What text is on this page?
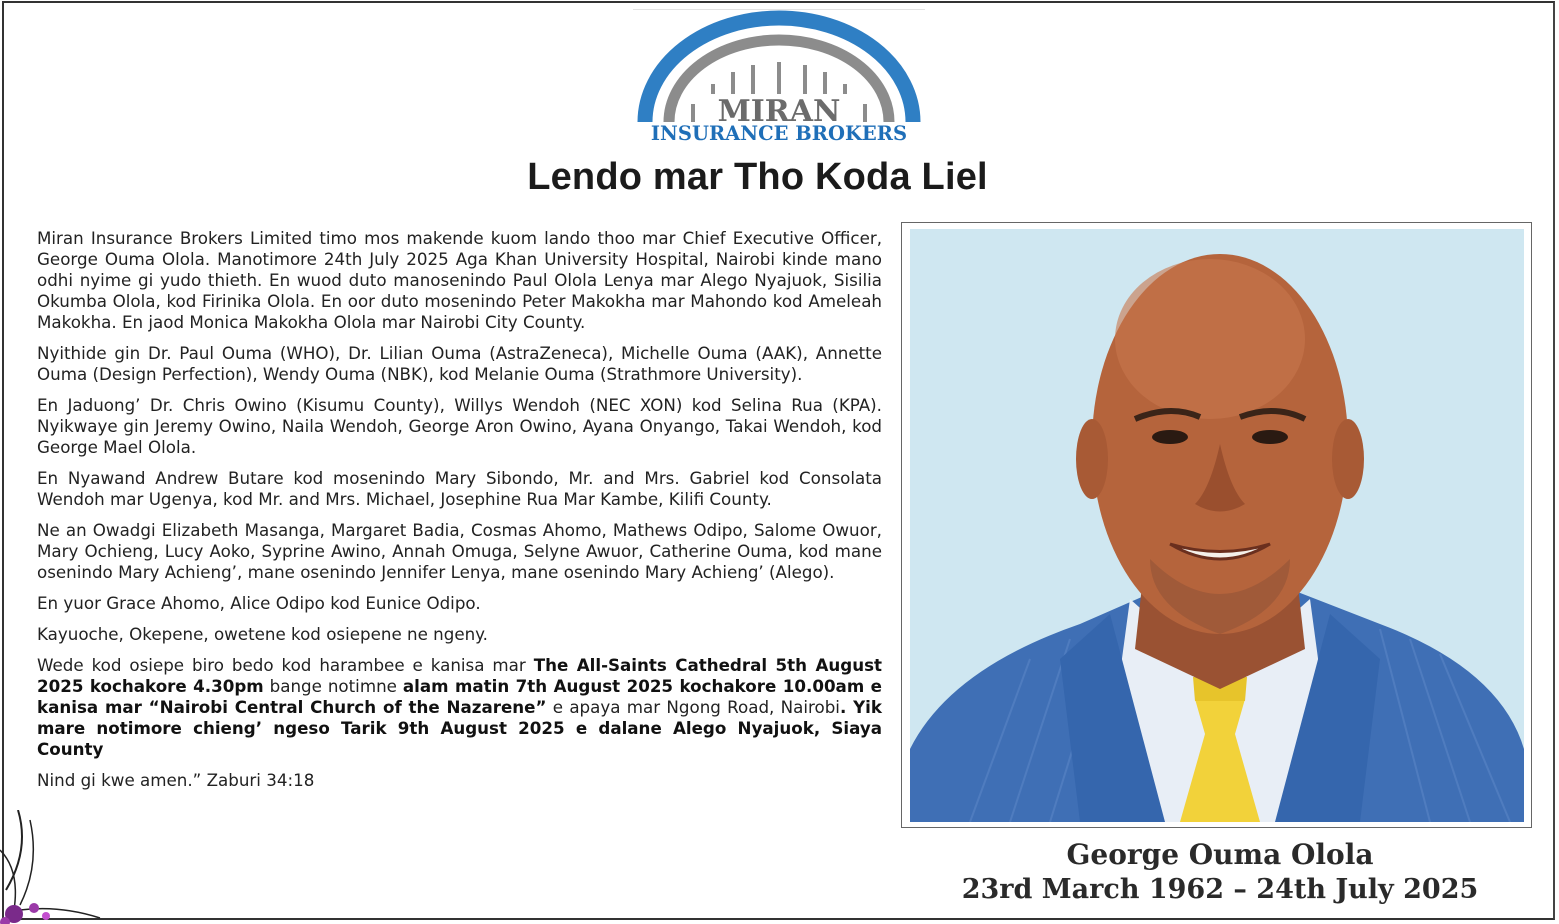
MIRAN
INSURANCE BROKERS
Lendo mar Tho Koda Liel

Miran Insurance Brokers Limited timo mos makende kuom lando thoo mar Chief Executive Officer, George Ouma Olola. Manotimore 24th July 2025 Aga Khan University Hospital, Nairobi kinde mano odhi nyime gi yudo thieth. En wuod duto manosenindo Paul Olola Lenya mar Alego Nyajuok, Sisilia Okumba Olola, kod Firinika Olola. En oor duto mosenindo Peter Makokha mar Mahondo kod Ameleah Makokha. En jaod Monica Makokha Olola mar Nairobi City County.

Nyithide gin Dr. Paul Ouma (WHO), Dr. Lilian Ouma (AstraZeneca), Michelle Ouma (AAK), Annette Ouma (Design Perfection), Wendy Ouma (NBK), kod Melanie Ouma (Strathmore University).

En Jaduong’ Dr. Chris Owino (Kisumu County), Willys Wendoh (NEC XON) kod Selina Rua (KPA). Nyikwaye gin Jeremy Owino, Naila Wendoh, George Aron Owino, Ayana Onyango, Takai Wendoh, kod George Mael Olola.

En Nyawand Andrew Butare kod mosenindo Mary Sibondo, Mr. and Mrs. Gabriel kod Consolata Wendoh mar Ugenya, kod Mr. and Mrs. Michael, Josephine Rua Mar Kambe, Kilifi County.

Ne an Owadgi Elizabeth Masanga, Margaret Badia, Cosmas Ahomo, Mathews Odipo, Salome Owuor, Mary Ochieng, Lucy Aoko, Syprine Awino, Annah Omuga, Selyne Awuor, Catherine Ouma, kod mane osenindo Mary Achieng’, mane osenindo Jennifer Lenya, mane osenindo Mary Achieng’ (Alego).

En yuor Grace Ahomo, Alice Odipo kod Eunice Odipo.

Kayuoche, Okepene, owetene kod osiepene ne ngeny.

Wede kod osiepe biro bedo kod harambee e kanisa mar The All-Saints Cathedral 5th August 2025 kochakore 4.30pm bange notimne alam matin 7th August 2025 kochakore 10.00am e kanisa mar “Nairobi Central Church of the Nazarene” e apaya mar Ngong Road, Nairobi. Yik mare notimore chieng’ ngeso Tarik 9th August 2025 e dalane Alego Nyajuok, Siaya County

Nind gi kwe amen.” Zaburi 34:18

George Ouma Olola
23rd March 1962 – 24th July 2025
